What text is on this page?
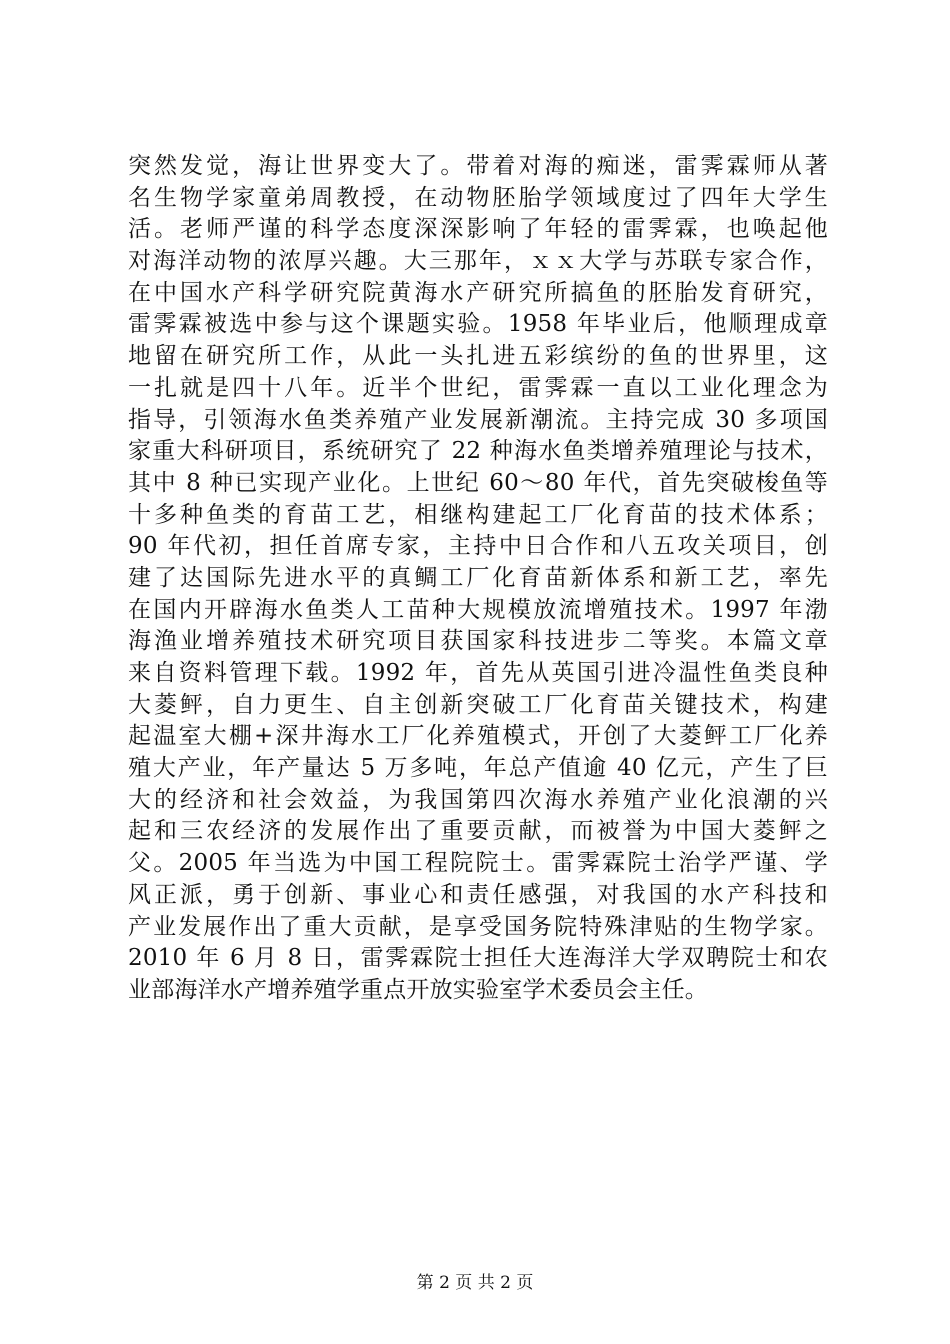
突然发觉，海让世界变大了。带着对海的痴迷，雷霁霖师从著
名生物学家童弟周教授，在动物胚胎学领域度过了四年大学生
活。老师严谨的科学态度深深影响了年轻的雷霁霖，也唤起他
对海洋动物的浓厚兴趣。大三那年，ｘｘ大学与苏联专家合作，
在中国水产科学研究院黄海水产研究所搞鱼的胚胎发育研究，
雷霁霖被选中参与这个课题实验。1958 年毕业后，他顺理成章
地留在研究所工作，从此一头扎进五彩缤纷的鱼的世界里，这
一扎就是四十八年。近半个世纪，雷霁霖一直以工业化理念为
指导，引领海水鱼类养殖产业发展新潮流。主持完成 30 多项国
家重大科研项目，系统研究了 22 种海水鱼类增养殖理论与技术，
其中 8 种已实现产业化。上世纪 60～80 年代，首先突破梭鱼等
十多种鱼类的育苗工艺，相继构建起工厂化育苗的技术体系；
90 年代初，担任首席专家，主持中日合作和八五攻关项目，创
建了达国际先进水平的真鲷工厂化育苗新体系和新工艺，率先
在国内开辟海水鱼类人工苗种大规模放流增殖技术。1997 年渤
海渔业增养殖技术研究项目获国家科技进步二等奖。本篇文章
来自资料管理下载。1992 年，首先从英国引进冷温性鱼类良种
大菱鲆，自力更生、自主创新突破工厂化育苗关键技术，构建
起温室大棚+深井海水工厂化养殖模式，开创了大菱鲆工厂化养
殖大产业，年产量达 5 万多吨，年总产值逾 40 亿元，产生了巨
大的经济和社会效益，为我国第四次海水养殖产业化浪潮的兴
起和三农经济的发展作出了重要贡献，而被誉为中国大菱鲆之
父。2005 年当选为中国工程院院士。雷霁霖院士治学严谨、学
风正派，勇于创新、事业心和责任感强，对我国的水产科技和
产业发展作出了重大贡献，是享受国务院特殊津贴的生物学家。
2010 年 6 月 8 日，雷霁霖院士担任大连海洋大学双聘院士和农
业部海洋水产增养殖学重点开放实验室学术委员会主任。
第 2 页 共 2 页
